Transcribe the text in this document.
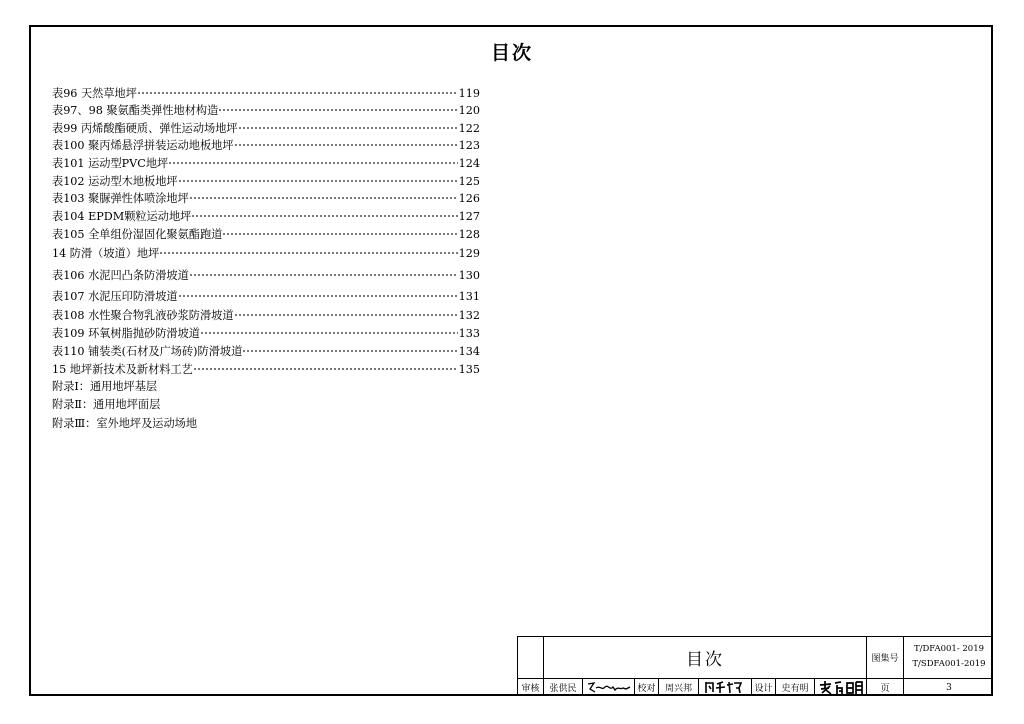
目次
表96 天然草地坪	119
表97、98 聚氨酯类弹性地材构造	120
表99 丙烯酸酯硬质、弹性运动场地坪	122
表100 聚丙烯悬浮拼装运动地板地坪	123
表101 运动型PVC地坪	124
表102 运动型木地板地坪	125
表103 聚脲弹性体喷涂地坪	126
表104 EPDM颗粒运动地坪	127
表105 全单组份湿固化聚氨酯跑道	128
14 防滑（坡道）地坪	129
表106 水泥凹凸条防滑坡道	130
表107 水泥压印防滑坡道	131
表108 水性聚合物乳液砂浆防滑坡道	132
表109 环氧树脂抛砂防滑坡道	133
表110 铺装类(石材及广场砖)防滑坡道	134
15 地坪新技术及新材料工艺	135
附录Ⅰ：通用地坪基层
附录Ⅱ：通用地坪面层
附录Ⅲ：室外地坪及运动场地
目次	图集号
T/DFA001- 2019
T/SDFA001-2019
审核	张供民	校对	周兴邦	设计 史有明	页	3
